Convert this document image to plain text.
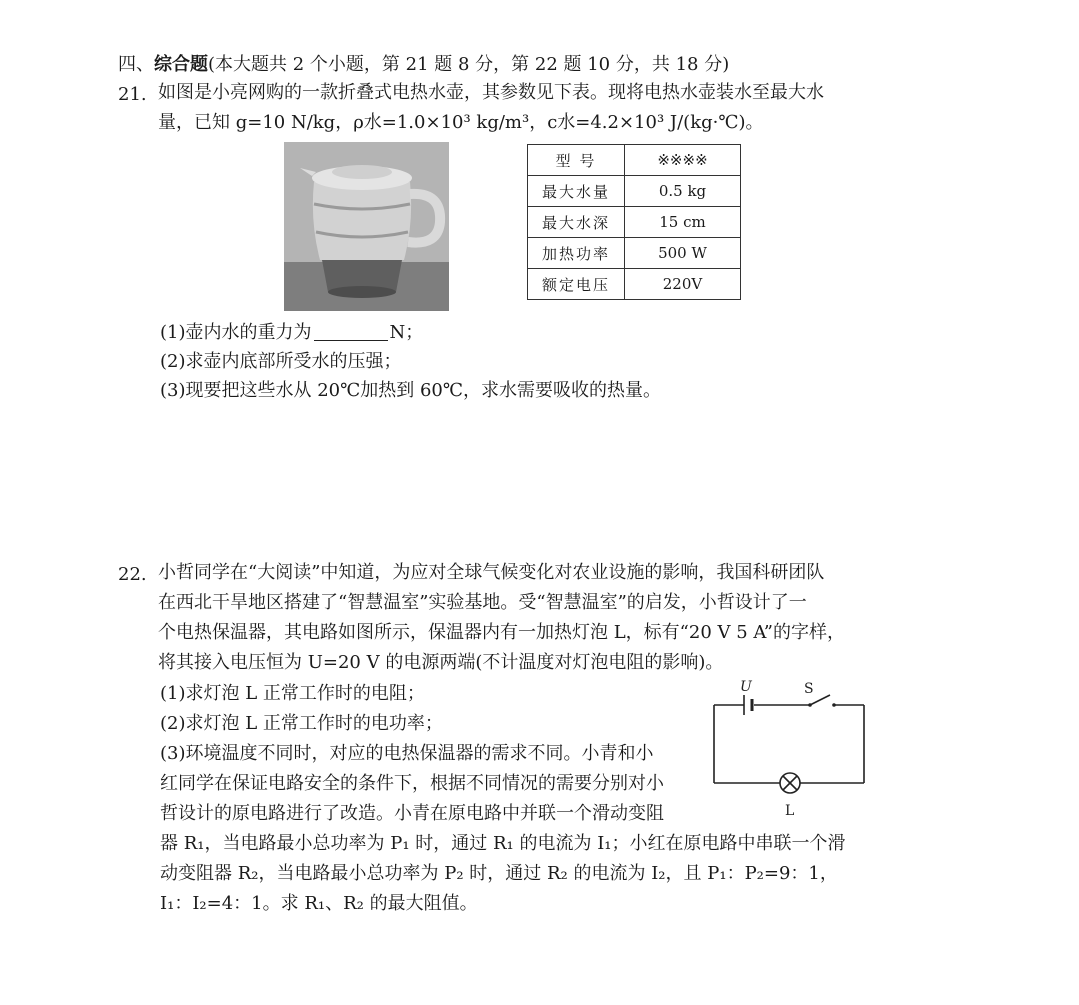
四、综合题(本大题共 2 个小题，第 21 题 8 分，第 22 题 10 分，共 18 分)
21. 如图是小亮网购的一款折叠式电热水壶，其参数见下表。现将电热水壶装水至最大水
量，已知 g=10 N/kg，ρ水=1.0×10³ kg/m³，c水=4.2×10³ J/(kg·℃)。
型 号	※※※※
最大水量	0.5 kg
最大水深	15 cm
加热功率	500 W
额定电压	220V
(1)壶内水的重力为	N；
(2)求壶内底部所受水的压强；
(3)现要把这些水从 20℃加热到 60℃，求水需要吸收的热量。
22. 小哲同学在“大阅读”中知道，为应对全球气候变化对农业设施的影响，我国科研团队
在西北干旱地区搭建了“智慧温室”实验基地。受“智慧温室”的启发，小哲设计了一
个电热保温器，其电路如图所示，保温器内有一加热灯泡 L，标有“20 V 5 A”的字样，
将其接入电压恒为 U=20 V 的电源两端(不计温度对灯泡电阻的影响)。
(1)求灯泡 L 正常工作时的电阻；
(2)求灯泡 L 正常工作时的电功率；
(3)环境温度不同时，对应的电热保温器的需求不同。小青和小
红同学在保证电路安全的条件下，根据不同情况的需要分别对小
哲设计的原电路进行了改造。小青在原电路中并联一个滑动变阻
器 R₁，当电路最小总功率为 P₁ 时，通过 R₁ 的电流为 I₁；小红在原电路中串联一个滑
动变阻器 R₂，当电路最小总功率为 P₂ 时，通过 R₂ 的电流为 I₂，且 P₁：P₂=9：1，
I₁：I₂=4：1。求 R₁、R₂ 的最大阻值。
U	S
L
